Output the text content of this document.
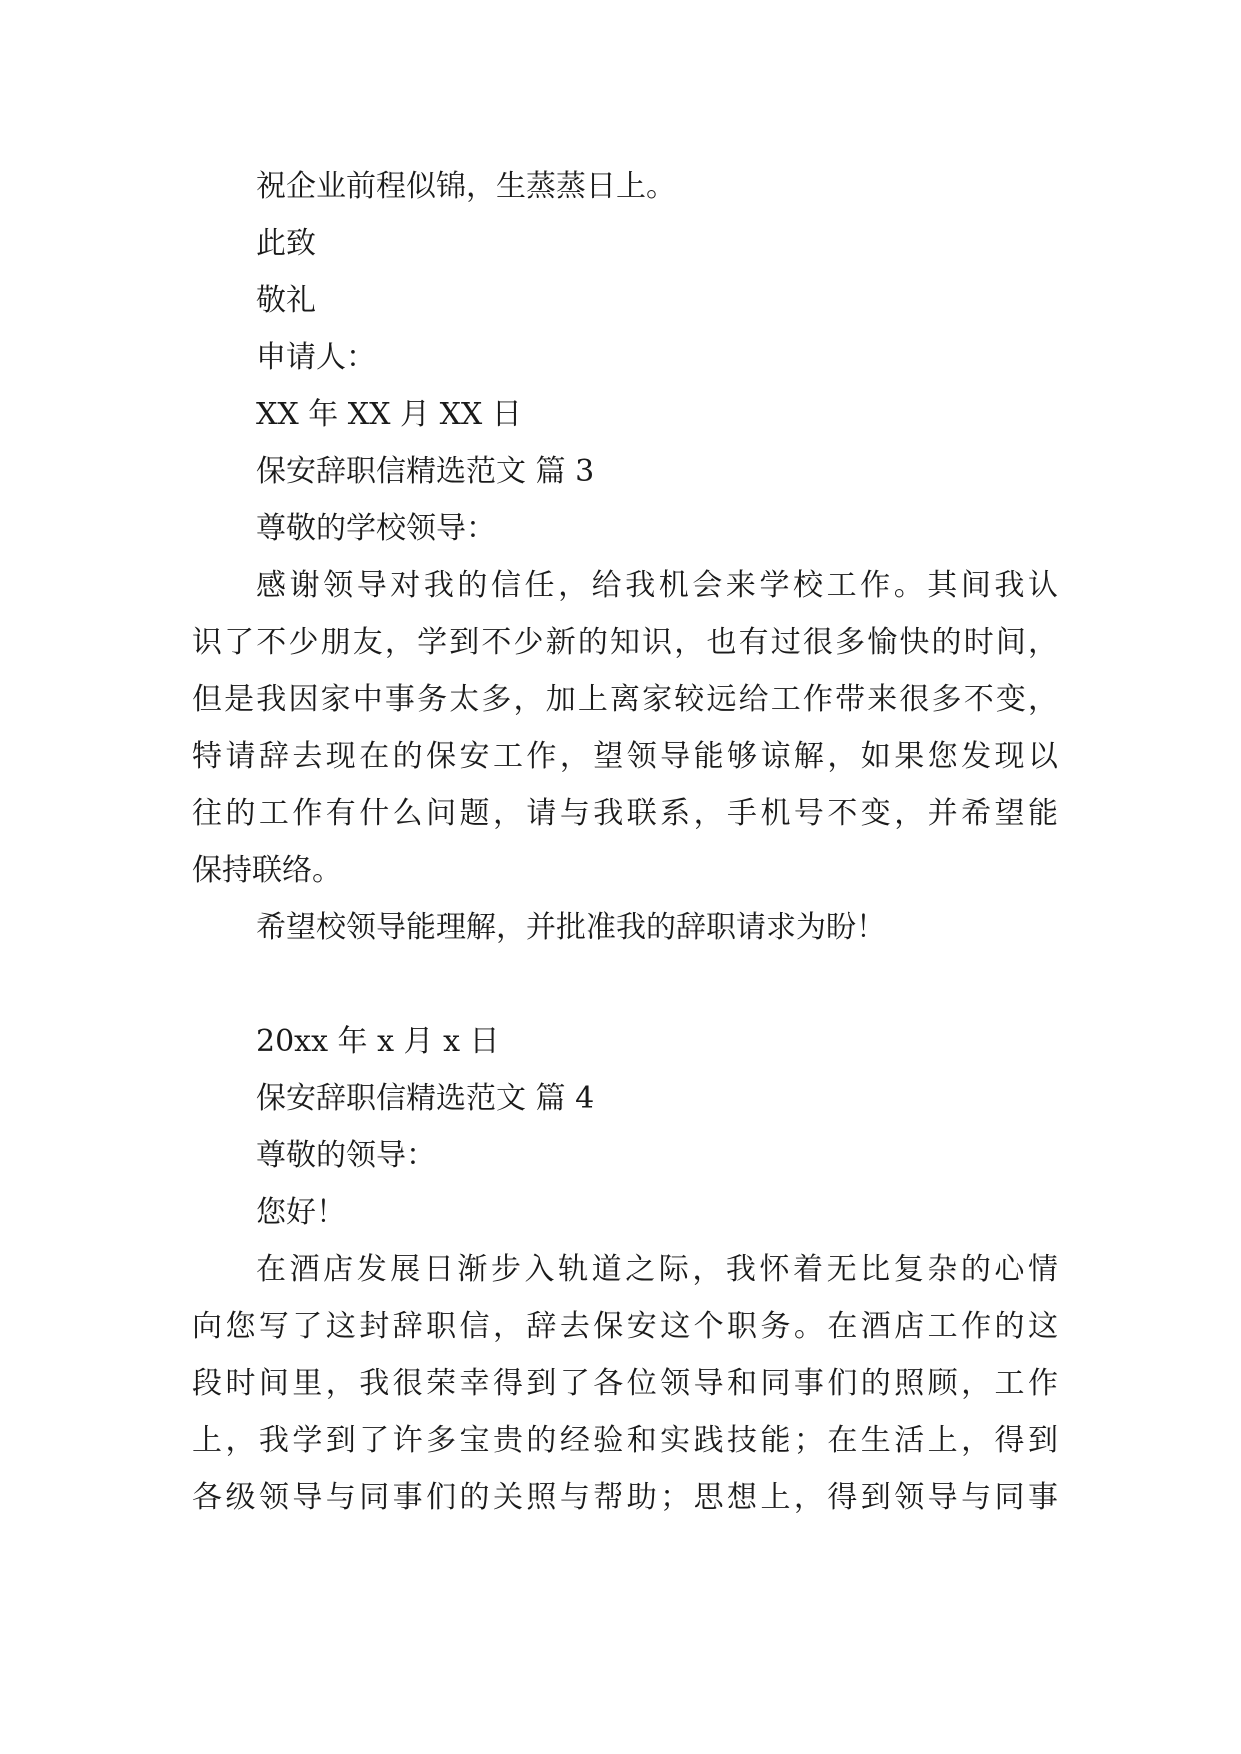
祝企业前程似锦，生蒸蒸日上。
此致
敬礼
申请人：
XX 年 XX 月 XX 日
保安辞职信精选范文 篇 3
尊敬的学校领导：
感谢领导对我的信任，给我机会来学校工作。其间我认
识了不少朋友，学到不少新的知识，也有过很多愉快的时间，
但是我因家中事务太多，加上离家较远给工作带来很多不变，
特请辞去现在的保安工作，望领导能够谅解，如果您发现以
往的工作有什么问题，请与我联系，手机号不变，并希望能
保持联络。
希望校领导能理解，并批准我的辞职请求为盼！
20xx 年 x 月 x 日
保安辞职信精选范文 篇 4
尊敬的领导：
您好！
在酒店发展日渐步入轨道之际，我怀着无比复杂的心情
向您写了这封辞职信，辞去保安这个职务。在酒店工作的这
段时间里，我很荣幸得到了各位领导和同事们的照顾，工作
上，我学到了许多宝贵的经验和实践技能；在生活上，得到
各级领导与同事们的关照与帮助；思想上，得到领导与同事
